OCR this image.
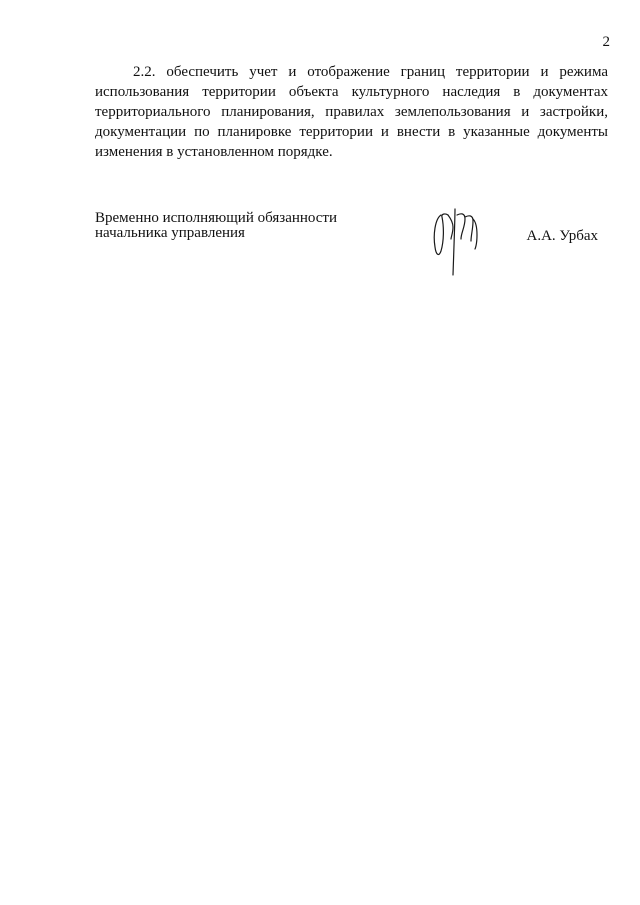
2

2.2. обеспечить учет и отображение границ территории и режима
использования территории объекта культурного наследия в документах
территориального планирования, правилах землепользования и застройки,
документации по планировке территории и внести в указанные документы
изменения в установленном порядке.

Временно исполняющий обязанности
начальника управления	А.А. Урбах
